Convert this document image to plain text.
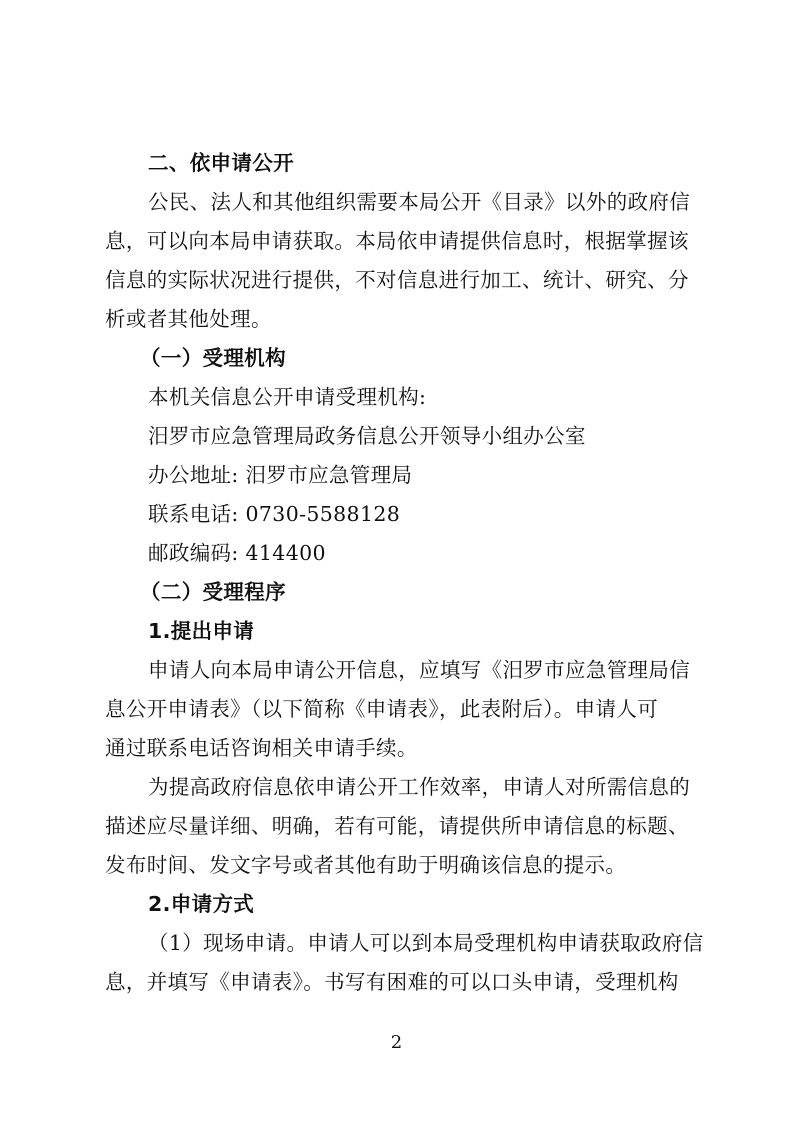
二、依申请公开
公民、法人和其他组织需要本局公开《目录》以外的政府信
息，可以向本局申请获取。本局依申请提供信息时，根据掌握该
信息的实际状况进行提供，不对信息进行加工、统计、研究、分
析或者其他处理。
（一）受理机构
本机关信息公开申请受理机构:
汨罗市应急管理局政务信息公开领导小组办公室
办公地址: 汨罗市应急管理局
联系电话: 0730-5588128
邮政编码: 414400
（二）受理程序
1.提出申请
申请人向本局申请公开信息，应填写《汨罗市应急管理局信
息公开申请表》（以下简称《申请表》，此表附后）。申请人可
通过联系电话咨询相关申请手续。
为提高政府信息依申请公开工作效率，申请人对所需信息的
描述应尽量详细、明确，若有可能，请提供所申请信息的标题、
发布时间、发文字号或者其他有助于明确该信息的提示。
2.申请方式
（1）现场申请。申请人可以到本局受理机构申请获取政府信
息，并填写《申请表》。书写有困难的可以口头申请，受理机构
2
